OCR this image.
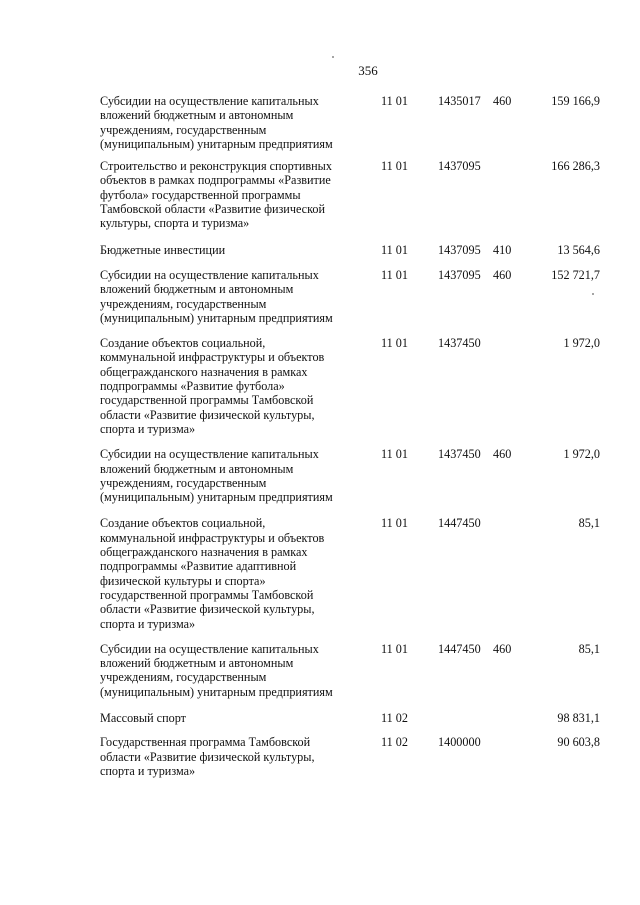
356
Субсидии на осуществление капитальных
вложений бюджетным и автономным
учреждениям, государственным
(муниципальным) унитарным предприятиям
11 01 1435017 460	159 166,9
Строительство и реконструкция спортивных
объектов в рамках подпрограммы «Развитие
футбола» государственной программы
Тамбовской области «Развитие физической
культуры, спорта и туризма»
11 01 1437095	166 286,3
Бюджетные инвестиции	11 01 1437095 410	13 564,6
Субсидии на осуществление капитальных
вложений бюджетным и автономным
учреждениям, государственным
(муниципальным) унитарным предприятиям
11 01 1437095 460	152 721,7
Создание объектов социальной,
коммунальной инфраструктуры и объектов
общегражданского назначения в рамках
подпрограммы «Развитие футбола»
государственной программы Тамбовской
области «Развитие физической культуры,
спорта и туризма»
11 01 1437450	1 972,0
Субсидии на осуществление капитальных
вложений бюджетным и автономным
учреждениям, государственным
(муниципальным) унитарным предприятиям
11 01 1437450 460	1 972,0
Создание объектов социальной,
коммунальной инфраструктуры и объектов
общегражданского назначения в рамках
подпрограммы «Развитие адаптивной
физической культуры и спорта»
государственной программы Тамбовской
области «Развитие физической культуры,
спорта и туризма»
11 01 1447450	85,1
Субсидии на осуществление капитальных
вложений бюджетным и автономным
учреждениям, государственным
(муниципальным) унитарным предприятиям
11 01 1447450 460	85,1
Массовый спорт	11 02	98 831,1
Государственная программа Тамбовской
области «Развитие физической культуры,
спорта и туризма»
11 02 1400000	90 603,8
